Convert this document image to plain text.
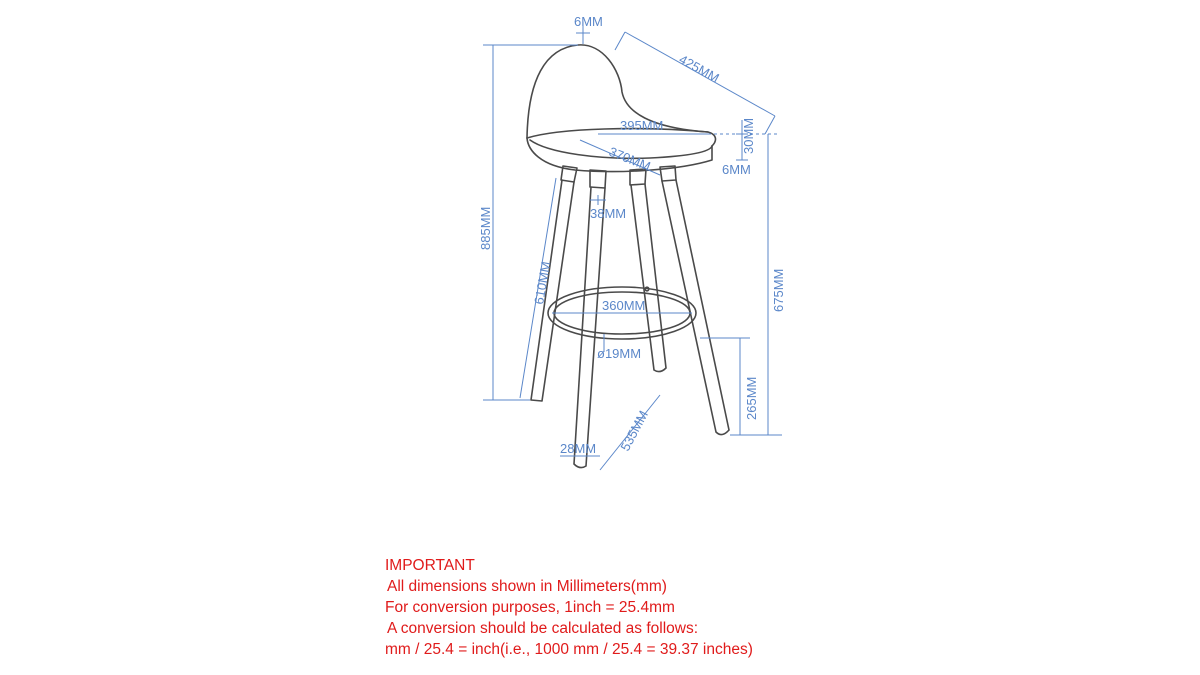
6MM
425MM
395MM	30MM
370MM	6MM
38MM
885MM
610MM	360MM
ø19MM
675MM
265MM
535MM
28MM
IMPORTANT
All dimensions shown in Millimeters(mm)
For conversion purposes, 1inch = 25.4mm
A conversion should be calculated as follows:
mm / 25.4 = inch(i.e., 1000 mm / 25.4 = 39.37 inches)
